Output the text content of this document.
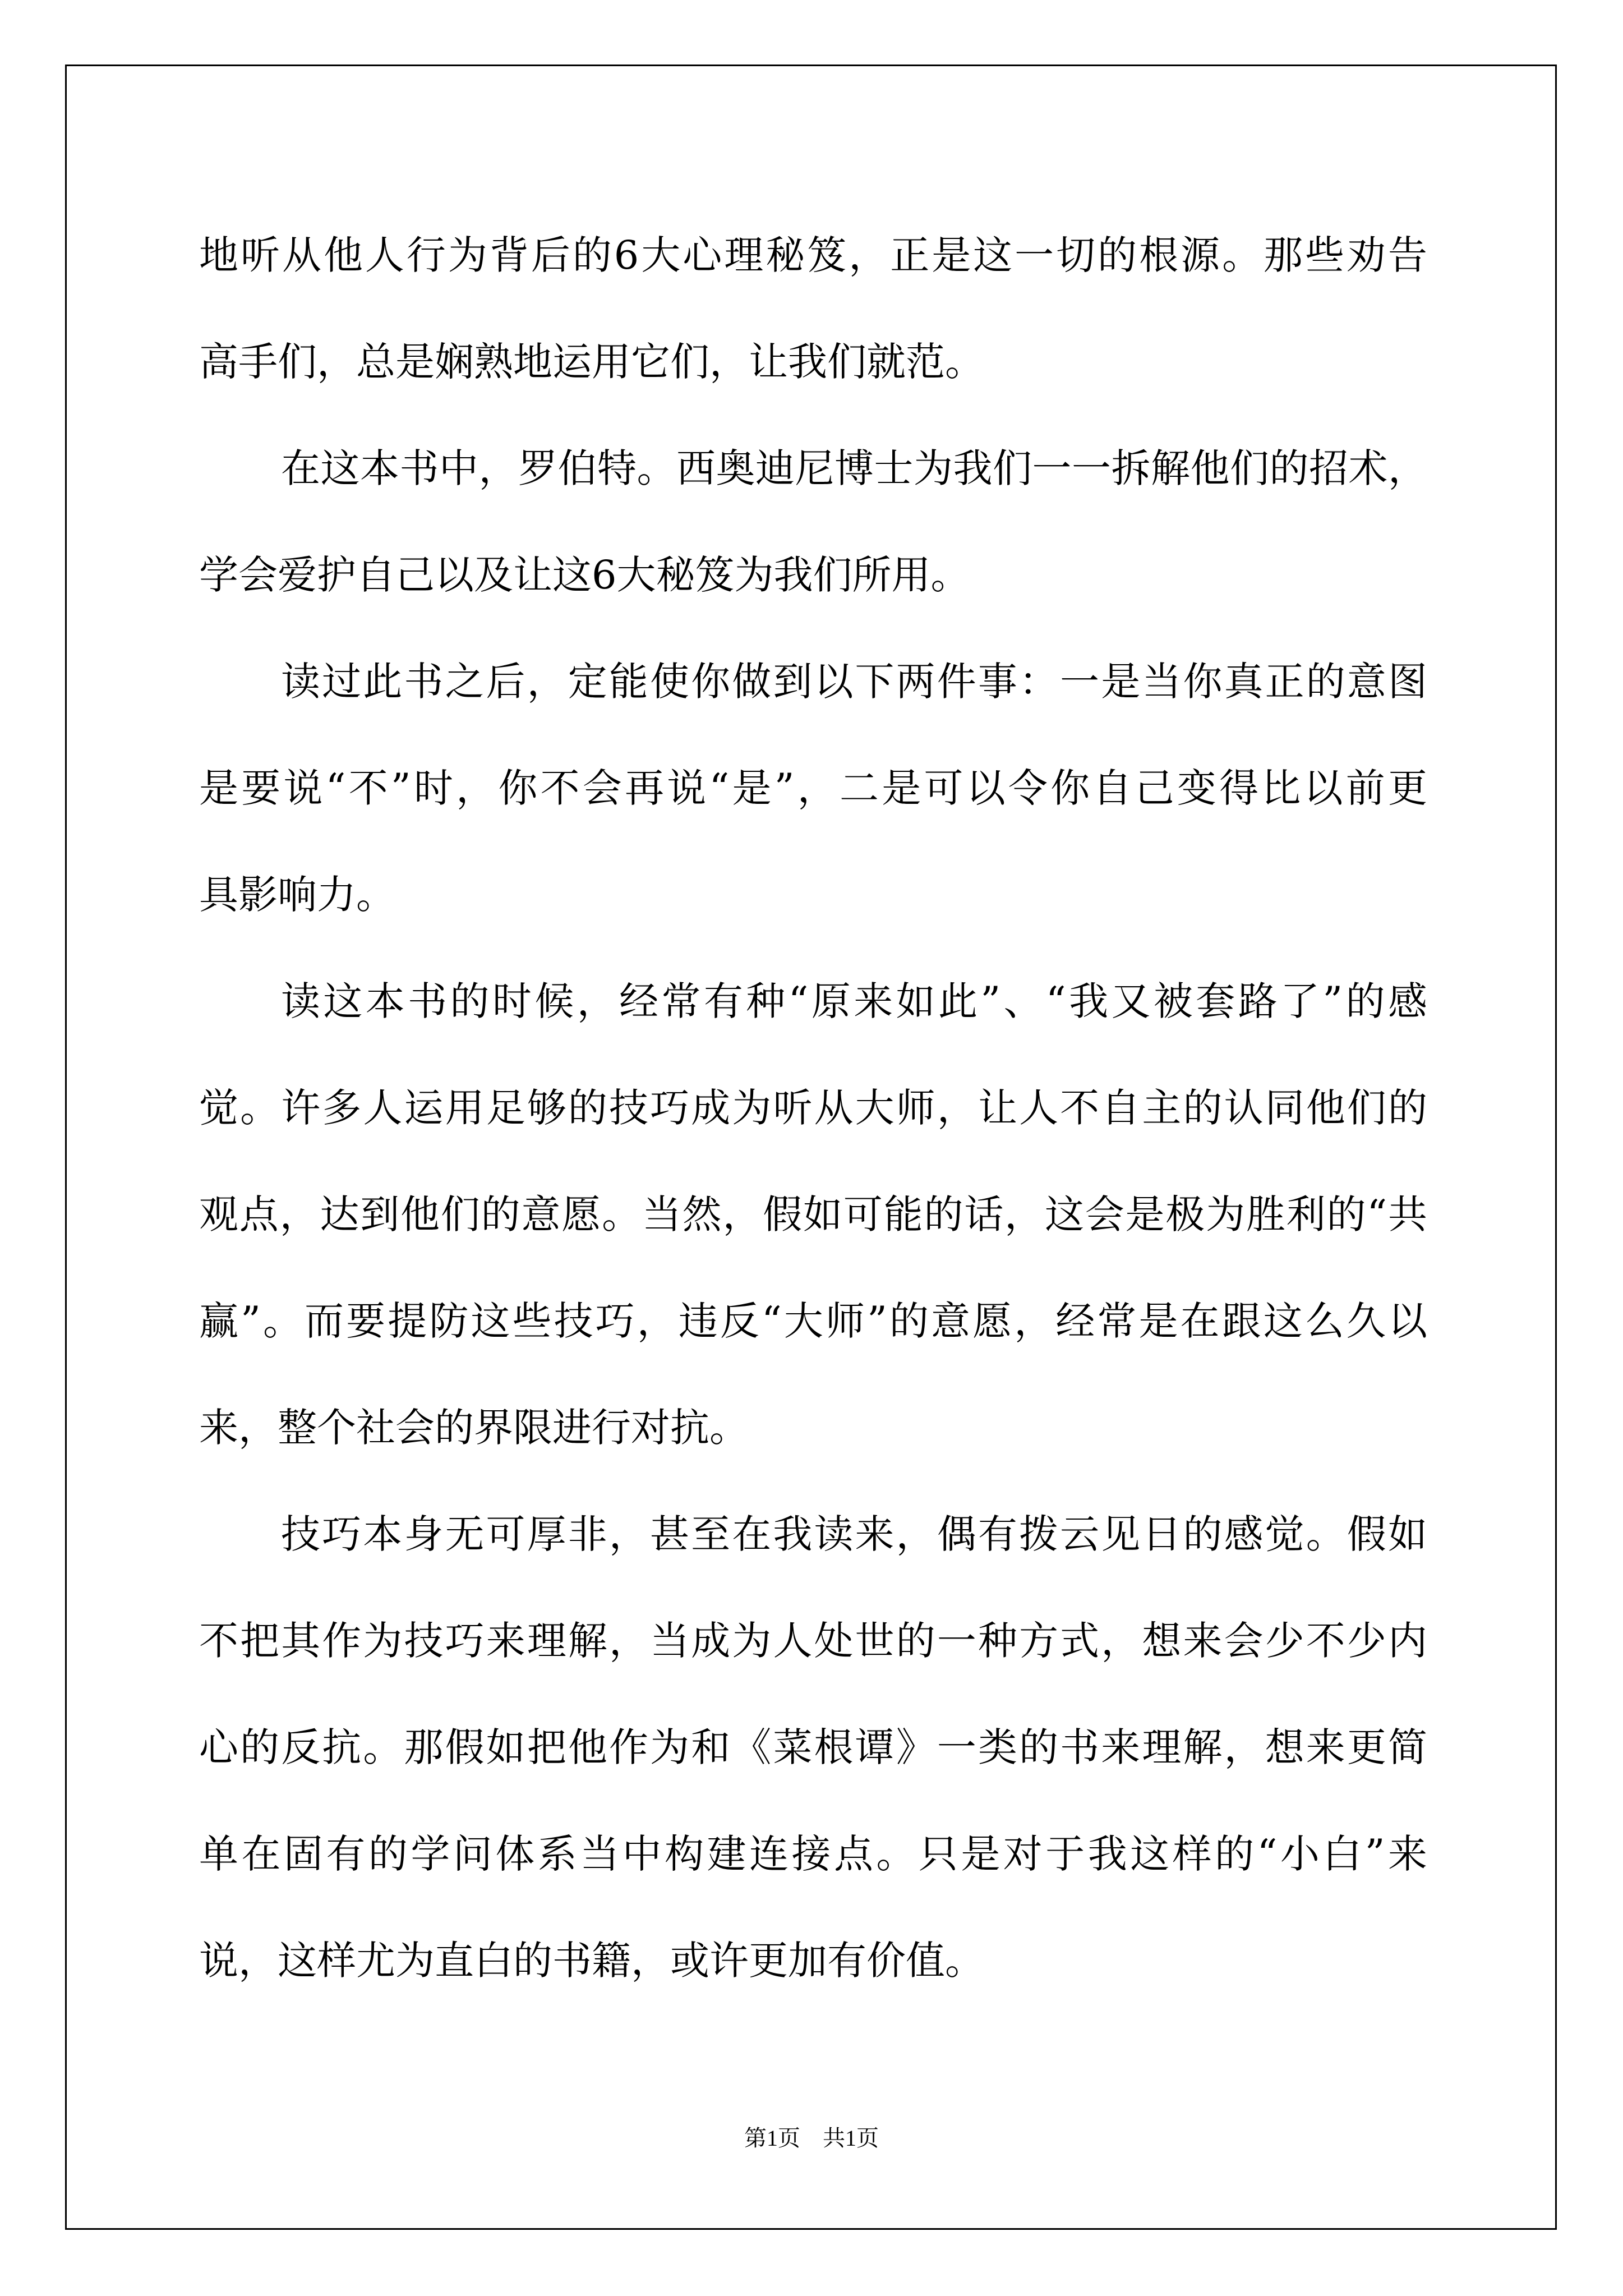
地听从他人行为背后的6大心理秘笈，正是这一切的根源。那些劝告
高手们，总是娴熟地运用它们，让我们就范。
在这本书中，罗伯特。西奥迪尼博士为我们一一拆解他们的招术，
学会爱护自己以及让这6大秘笈为我们所用。
读过此书之后，定能使你做到以下两件事：一是当你真正的意图
是要说“不”时，你不会再说“是”，二是可以令你自己变得比以前更
具影响力。
读这本书的时候，经常有种“原来如此”、“我又被套路了”的感
觉。许多人运用足够的技巧成为听从大师，让人不自主的认同他们的
观点，达到他们的意愿。当然，假如可能的话，这会是极为胜利的“共
赢”。而要提防这些技巧，违反“大师”的意愿，经常是在跟这么久以
来，整个社会的界限进行对抗。
技巧本身无可厚非，甚至在我读来，偶有拨云见日的感觉。假如
不把其作为技巧来理解，当成为人处世的一种方式，想来会少不少内
心的反抗。那假如把他作为和《菜根谭》一类的书来理解，想来更简
单在固有的学问体系当中构建连接点。只是对于我这样的“小白”来
说，这样尤为直白的书籍，或许更加有价值。
第1页　共1页
